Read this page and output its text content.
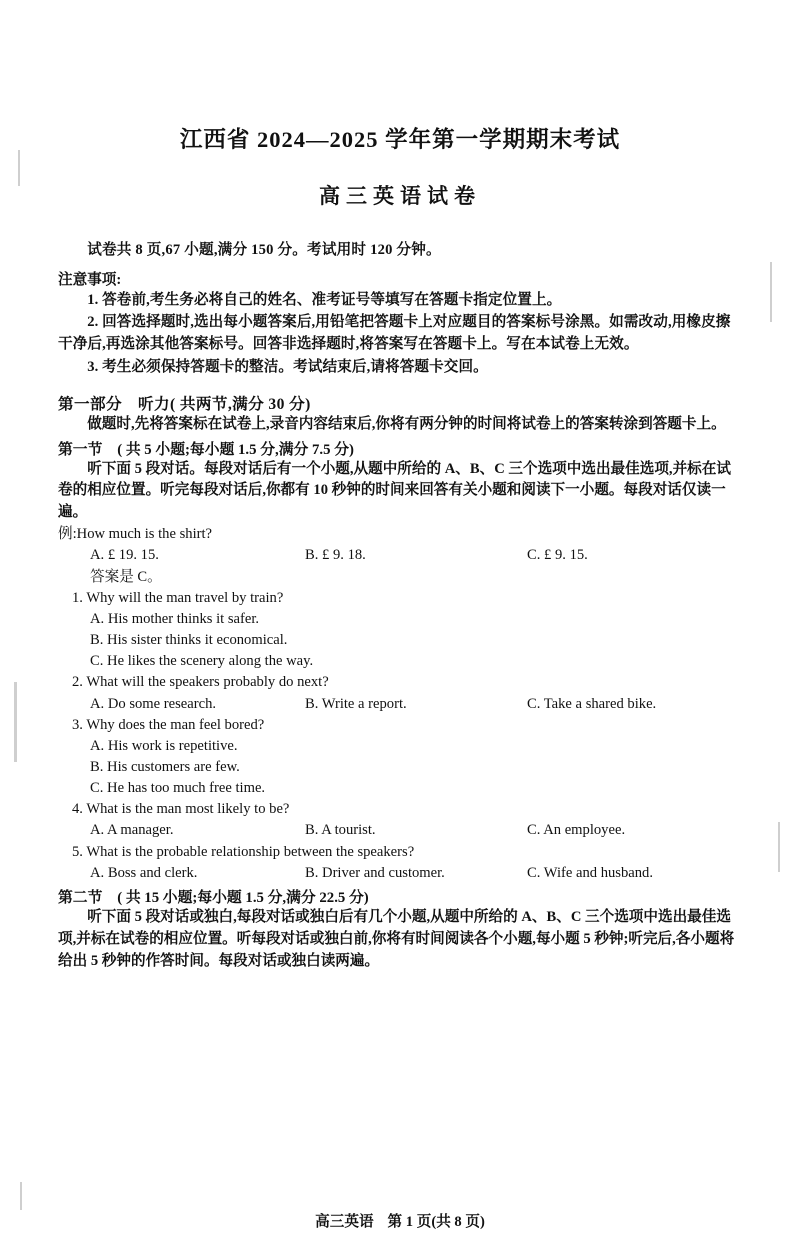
江西省 2024—2025 学年第一学期期末考试
高三英语试卷
试卷共 8 页,67 小题,满分 150 分。考试用时 120 分钟。
注意事项:
1. 答卷前,考生务必将自己的姓名、准考证号等填写在答题卡指定位置上。
2. 回答选择题时,选出每小题答案后,用铅笔把答题卡上对应题目的答案标号涂黑。如需改动,用橡皮擦干净后,再选涂其他答案标号。回答非选择题时,将答案写在答题卡上。写在本试卷上无效。
3. 考生必须保持答题卡的整洁。考试结束后,请将答题卡交回。
第一部分　听力( 共两节,满分 30 分)
做题时,先将答案标在试卷上,录音内容结束后,你将有两分钟的时间将试卷上的答案转涂到答题卡上。
第一节　( 共 5 小题;每小题 1.5 分,满分 7.5 分)
听下面 5 段对话。每段对话后有一个小题,从题中所给的 A、B、C 三个选项中选出最佳选项,并标在试卷的相应位置。听完每段对话后,你都有 10 秒钟的时间来回答有关小题和阅读下一小题。每段对话仅读一遍。
例:How much is the shirt?
A. £ 19. 15.	B. £ 9. 18.	C. £ 9. 15.
答案是 C。
1. Why will the man travel by train?
A. His mother thinks it safer.
B. His sister thinks it economical.
C. He likes the scenery along the way.
2. What will the speakers probably do next?
A. Do some research.	B. Write a report.	C. Take a shared bike.
3. Why does the man feel bored?
A. His work is repetitive.
B. His customers are few.
C. He has too much free time.
4. What is the man most likely to be?
A. A manager.	B. A tourist.	C. An employee.
5. What is the probable relationship between the speakers?
A. Boss and clerk.	B. Driver and customer.	C. Wife and husband.
第二节　( 共 15 小题;每小题 1.5 分,满分 22.5 分)
听下面 5 段对话或独白,每段对话或独白后有几个小题,从题中所给的 A、B、C 三个选项中选出最佳选项,并标在试卷的相应位置。听每段对话或独白前,你将有时间阅读各个小题,每小题 5 秒钟;听完后,各小题将给出 5 秒钟的作答时间。每段对话或独白读两遍。
高三英语 第 1 页(共 8 页)
